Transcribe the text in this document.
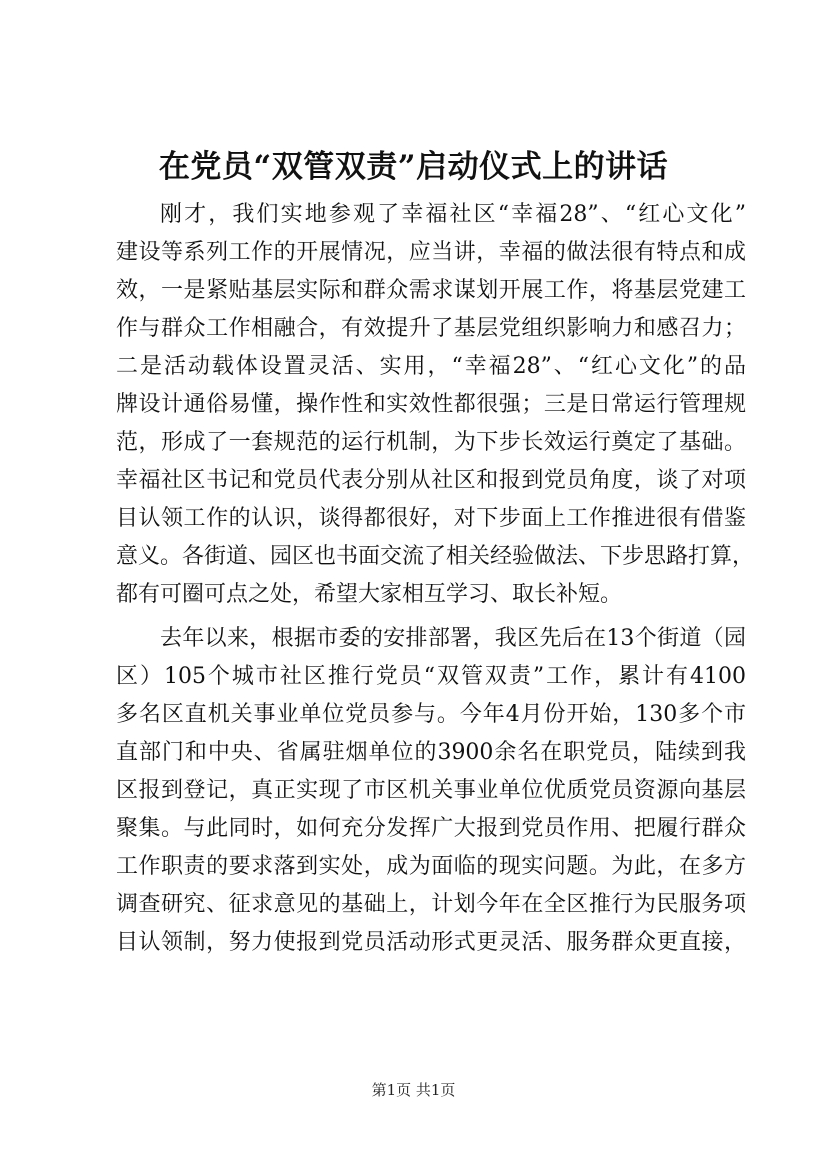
在党员“双管双责”启动仪式上的讲话
刚才，我们实地参观了幸福社区“幸福28”、“红心文化”
建设等系列工作的开展情况，应当讲，幸福的做法很有特点和成
效，一是紧贴基层实际和群众需求谋划开展工作，将基层党建工
作与群众工作相融合，有效提升了基层党组织影响力和感召力；
二是活动载体设置灵活、实用，“幸福28”、“红心文化”的品
牌设计通俗易懂，操作性和实效性都很强；三是日常运行管理规
范，形成了一套规范的运行机制，为下步长效运行奠定了基础。
幸福社区书记和党员代表分别从社区和报到党员角度，谈了对项
目认领工作的认识，谈得都很好，对下步面上工作推进很有借鉴
意义。各街道、园区也书面交流了相关经验做法、下步思路打算，
都有可圈可点之处，希望大家相互学习、取长补短。
去年以来，根据市委的安排部署，我区先后在13个街道（园
区）105个城市社区推行党员“双管双责”工作，累计有4100
多名区直机关事业单位党员参与。今年4月份开始，130多个市
直部门和中央、省属驻烟单位的3900余名在职党员，陆续到我
区报到登记，真正实现了市区机关事业单位优质党员资源向基层
聚集。与此同时，如何充分发挥广大报到党员作用、把履行群众
工作职责的要求落到实处，成为面临的现实问题。为此，在多方
调查研究、征求意见的基础上，计划今年在全区推行为民服务项
目认领制，努力使报到党员活动形式更灵活、服务群众更直接，
第1页 共1页
